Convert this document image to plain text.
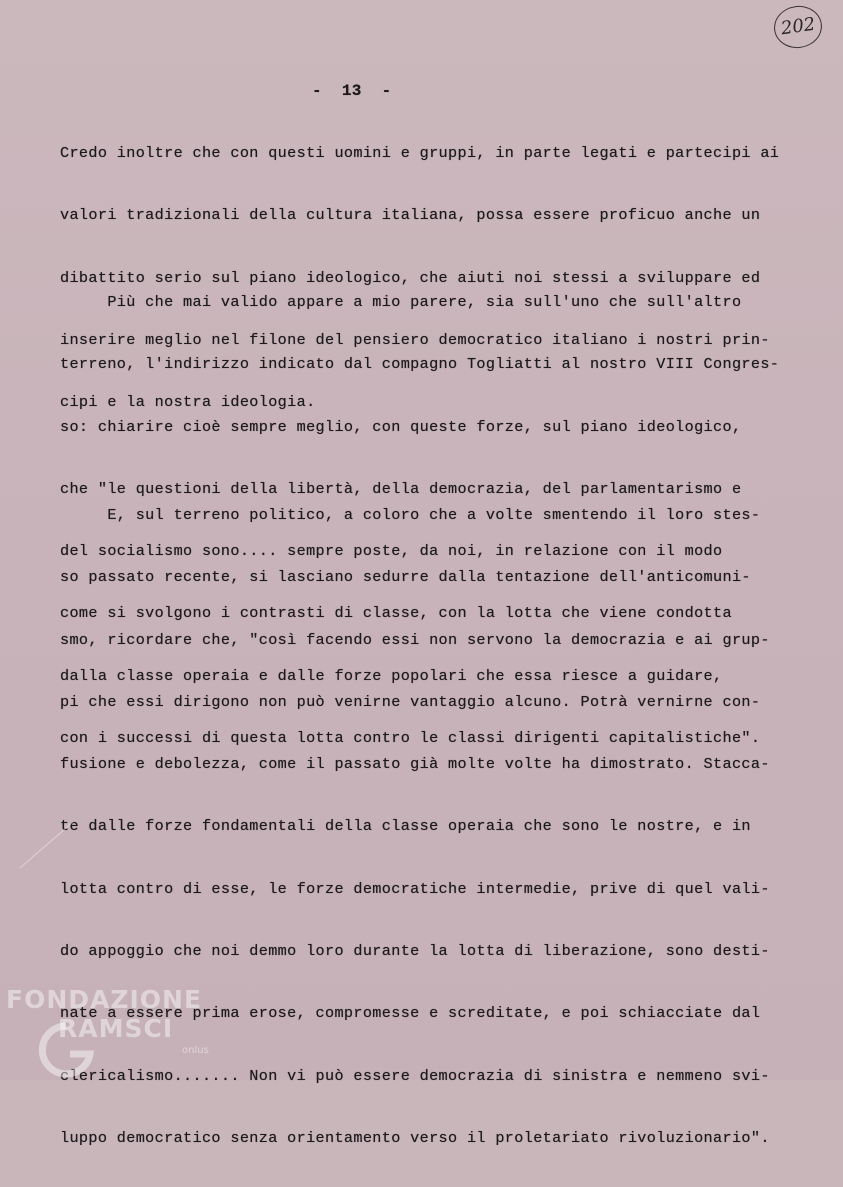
202
-  13  -

Credo inoltre che con questi uomini e gruppi, in parte legati e partecipi ai

valori tradizionali della cultura italiana, possa essere proficuo anche un

dibattito serio sul piano ideologico, che aiuti noi stessi a sviluppare ed

inserire meglio nel filone del pensiero democratico italiano i nostri prin-

cipi e la nostra ideologia.

Più che mai valido appare a mio parere, sia sull'uno che sull'altro

terreno, l'indirizzo indicato dal compagno Togliatti al nostro VIII Congres-

so: chiarire cioè sempre meglio, con queste forze, sul piano ideologico,

che "le questioni della libertà, della democrazia, del parlamentarismo e

del socialismo sono.... sempre poste, da noi, in relazione con il modo

come si svolgono i contrasti di classe, con la lotta che viene condotta

dalla classe operaia e dalle forze popolari che essa riesce a guidare,

con i successi di questa lotta contro le classi dirigenti capitalistiche".

E, sul terreno politico, a coloro che a volte smentendo il loro stes-

so passato recente, si lasciano sedurre dalla tentazione dell'anticomuni-

smo, ricordare che, "così facendo essi non servono la democrazia e ai grup-

pi che essi dirigono non può venirne vantaggio alcuno. Potrà vernirne con-

fusione e debolezza, come il passato già molte volte ha dimostrato. Stacca-

te dalle forze fondamentali della classe operaia che sono le nostre, e in

lotta contro di esse, le forze democratiche intermedie, prive di quel vali-

do appoggio che noi demmo loro durante la lotta di liberazione, sono desti-

nate a essere prima erose, compromesse e screditate, e poi schiacciate dal

clericalismo....... Non vi può essere democrazia di sinistra e nemmeno svi-

luppo democratico senza orientamento verso il proletariato rivoluzionario".

FONDAZIONE
RAMSCI
onlus
